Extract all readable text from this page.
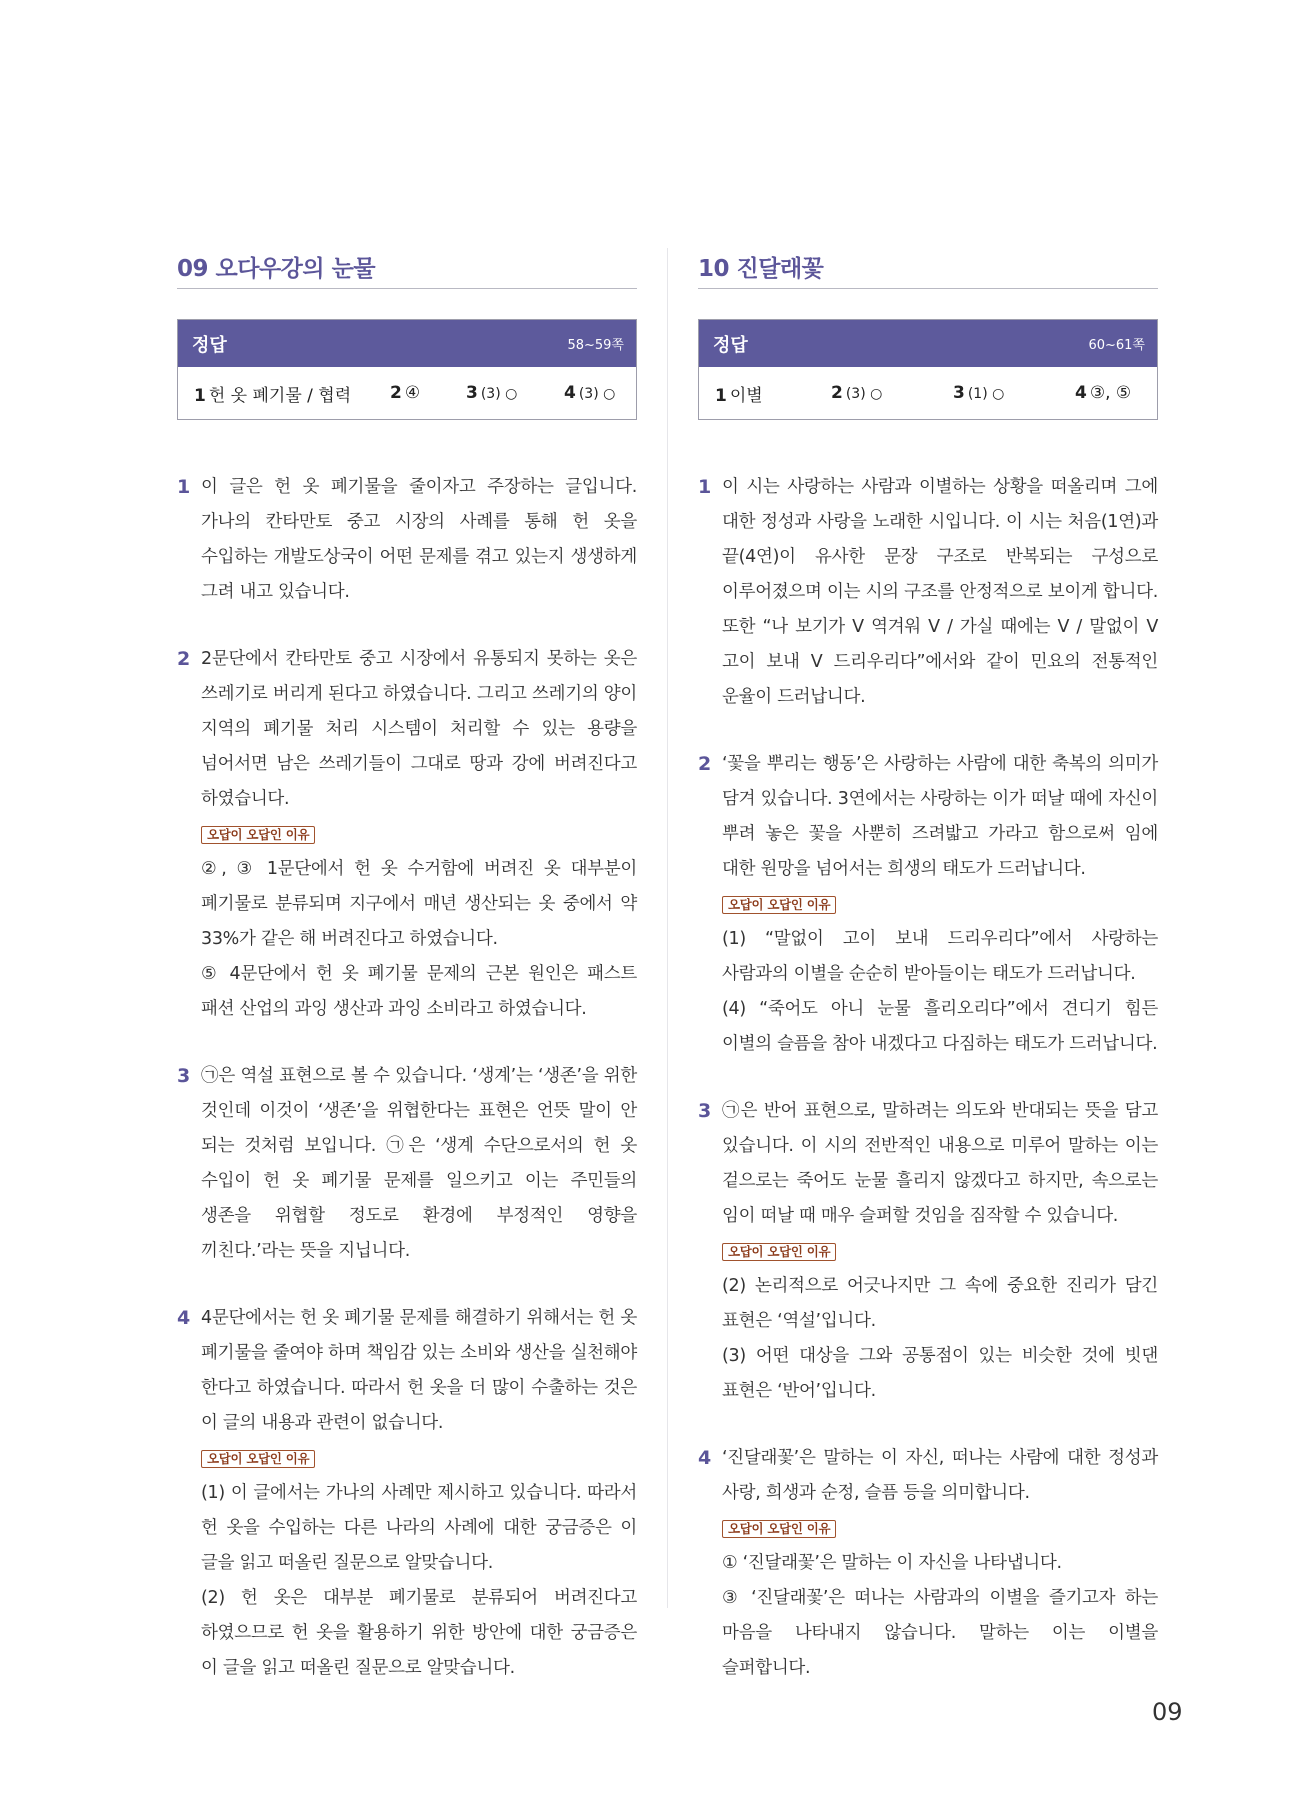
09 오다우강의 눈물
정답	58~59쪽
1 헌 옷 폐기물 / 협력	2 ④	3 (3) ○	4 (3) ○
1 이 글은 헌 옷 폐기물을 줄이자고 주장하는 글입니다. 가나의 칸타만토 중고 시장의 사례를 통해 헌 옷을 수입하는 개발도상국이 어떤 문제를 겪고 있는지 생생하게 그려 내고 있습니다.
2 2문단에서 칸타만토 중고 시장에서 유통되지 못하는 옷은 쓰레기로 버리게 된다고 하였습니다. 그리고 쓰레기의 양이 지역의 폐기물 처리 시스템이 처리할 수 있는 용량을 넘어서면 남은 쓰레기들이 그대로 땅과 강에 버려진다고 하였습니다.
오답이 오답인 이유
②, ③ 1문단에서 헌 옷 수거함에 버려진 옷 대부분이 폐기물로 분류되며 지구에서 매년 생산되는 옷 중에서 약 33%가 같은 해 버려진다고 하였습니다.
⑤ 4문단에서 헌 옷 폐기물 문제의 근본 원인은 패스트 패션 산업의 과잉 생산과 과잉 소비라고 하였습니다.
3 ㉠은 역설 표현으로 볼 수 있습니다. ‘생계’는 ‘생존’을 위한 것인데 이것이 ‘생존’을 위협한다는 표현은 언뜻 말이 안 되는 것처럼 보입니다. ㉠은 ‘생계 수단으로서의 헌 옷 수입이 헌 옷 폐기물 문제를 일으키고 이는 주민들의 생존을 위협할 정도로 환경에 부정적인 영향을 끼친다.’라는 뜻을 지닙니다.
4 4문단에서는 헌 옷 폐기물 문제를 해결하기 위해서는 헌 옷 폐기물을 줄여야 하며 책임감 있는 소비와 생산을 실천해야 한다고 하였습니다. 따라서 헌 옷을 더 많이 수출하는 것은 이 글의 내용과 관련이 없습니다.
오답이 오답인 이유
(1) 이 글에서는 가나의 사례만 제시하고 있습니다. 따라서 헌 옷을 수입하는 다른 나라의 사례에 대한 궁금증은 이 글을 읽고 떠올린 질문으로 알맞습니다.
(2) 헌 옷은 대부분 폐기물로 분류되어 버려진다고 하였으므로 헌 옷을 활용하기 위한 방안에 대한 궁금증은 이 글을 읽고 떠올린 질문으로 알맞습니다.
10 진달래꽃
정답	60~61쪽
1 이별	2 (3) ○	3 (1) ○	4 ③, ⑤
1 이 시는 사랑하는 사람과 이별하는 상황을 떠올리며 그에 대한 정성과 사랑을 노래한 시입니다. 이 시는 처음(1연)과 끝(4연)이 유사한 문장 구조로 반복되는 구성으로 이루어졌으며 이는 시의 구조를 안정적으로 보이게 합니다. 또한 “나 보기가 V 역겨워 V / 가실 때에는 V / 말없이 V 고이 보내 V 드리우리다”에서와 같이 민요의 전통적인 운율이 드러납니다.
2 ‘꽃을 뿌리는 행동’은 사랑하는 사람에 대한 축복의 의미가 담겨 있습니다. 3연에서는 사랑하는 이가 떠날 때에 자신이 뿌려 놓은 꽃을 사뿐히 즈려밟고 가라고 함으로써 임에 대한 원망을 넘어서는 희생의 태도가 드러납니다.
오답이 오답인 이유
(1) “말없이 고이 보내 드리우리다”에서 사랑하는 사람과의 이별을 순순히 받아들이는 태도가 드러납니다.
(4) “죽어도 아니 눈물 흘리오리다”에서 견디기 힘든 이별의 슬픔을 참아 내겠다고 다짐하는 태도가 드러납니다.
3 ㉠은 반어 표현으로, 말하려는 의도와 반대되는 뜻을 담고 있습니다. 이 시의 전반적인 내용으로 미루어 말하는 이는 겉으로는 죽어도 눈물 흘리지 않겠다고 하지만, 속으로는 임이 떠날 때 매우 슬퍼할 것임을 짐작할 수 있습니다.
오답이 오답인 이유
(2) 논리적으로 어긋나지만 그 속에 중요한 진리가 담긴 표현은 ‘역설’입니다.
(3) 어떤 대상을 그와 공통점이 있는 비슷한 것에 빗댄 표현은 ‘반어’입니다.
4 ‘진달래꽃’은 말하는 이 자신, 떠나는 사람에 대한 정성과 사랑, 희생과 순정, 슬픔 등을 의미합니다.
오답이 오답인 이유
① ‘진달래꽃’은 말하는 이 자신을 나타냅니다.
③ ‘진달래꽃’은 떠나는 사람과의 이별을 즐기고자 하는 마음을 나타내지 않습니다. 말하는 이는 이별을 슬퍼합니다.
09
